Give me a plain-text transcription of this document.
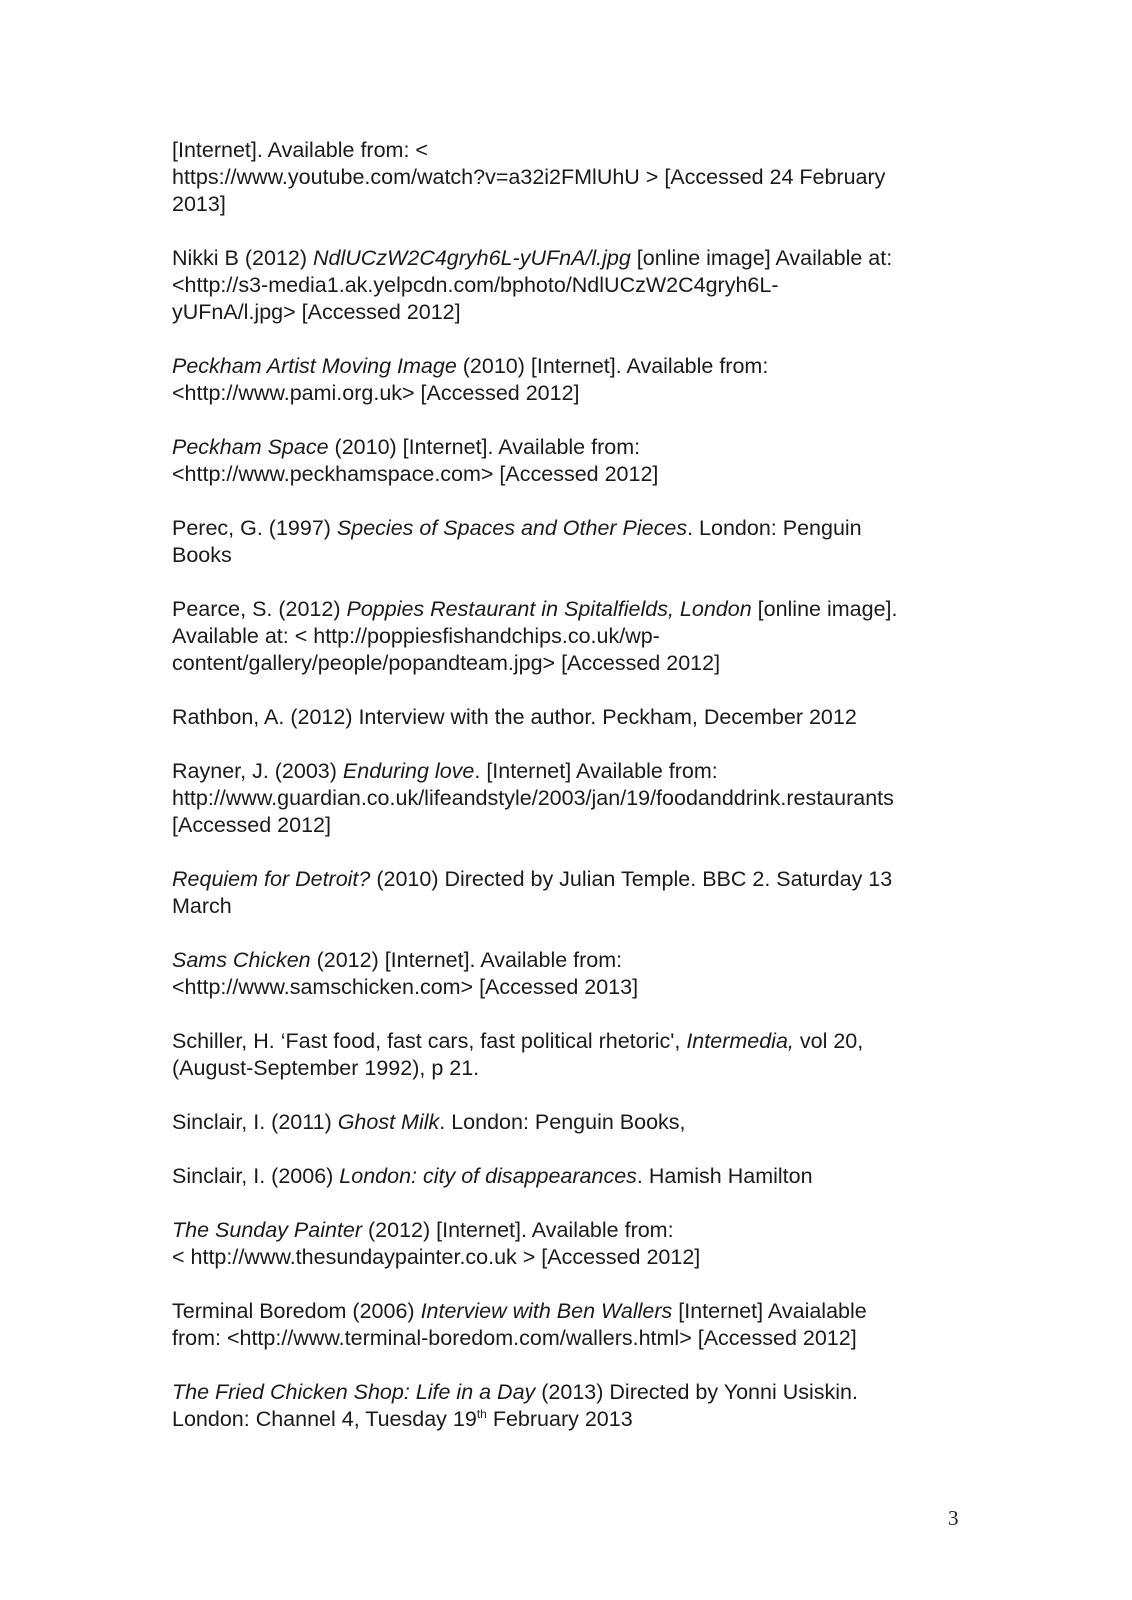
[Internet]. Available from: <
https://www.youtube.com/watch?v=a32i2FMlUhU > [Accessed 24 February
2013]

Nikki B (2012) NdlUCzW2C4gryh6L-yUFnA/l.jpg [online image] Available at:
<http://s3-media1.ak.yelpcdn.com/bphoto/NdlUCzW2C4gryh6L-
yUFnA/l.jpg> [Accessed 2012]

Peckham Artist Moving Image (2010) [Internet]. Available from:
<http://www.pami.org.uk> [Accessed 2012]

Peckham Space (2010) [Internet]. Available from:
<http://www.peckhamspace.com> [Accessed 2012]

Perec, G. (1997) Species of Spaces and Other Pieces. London: Penguin
Books

Pearce, S. (2012) Poppies Restaurant in Spitalfields, London [online image].
Available at: < http://poppiesfishandchips.co.uk/wp-
content/gallery/people/popandteam.jpg> [Accessed 2012]

Rathbon, A. (2012) Interview with the author. Peckham, December 2012

Rayner, J. (2003) Enduring love. [Internet] Available from:
http://www.guardian.co.uk/lifeandstyle/2003/jan/19/foodanddrink.restaurants
[Accessed 2012]

Requiem for Detroit? (2010) Directed by Julian Temple. BBC 2. Saturday 13
March

Sams Chicken (2012) [Internet]. Available from:
<http://www.samschicken.com> [Accessed 2013]

Schiller, H. ‘Fast food, fast cars, fast political rhetoric', Intermedia, vol 20,
(August-September 1992), p 21.

Sinclair, I. (2011) Ghost Milk. London: Penguin Books,

Sinclair, I. (2006) London: city of disappearances. Hamish Hamilton

The Sunday Painter (2012) [Internet]. Available from:
< http://www.thesundaypainter.co.uk > [Accessed 2012]

Terminal Boredom (2006) Interview with Ben Wallers [Internet] Avaialable
from: <http://www.terminal-boredom.com/wallers.html> [Accessed 2012]

The Fried Chicken Shop: Life in a Day (2013) Directed by Yonni Usiskin.
London: Channel 4, Tuesday 19th February 2013

3
